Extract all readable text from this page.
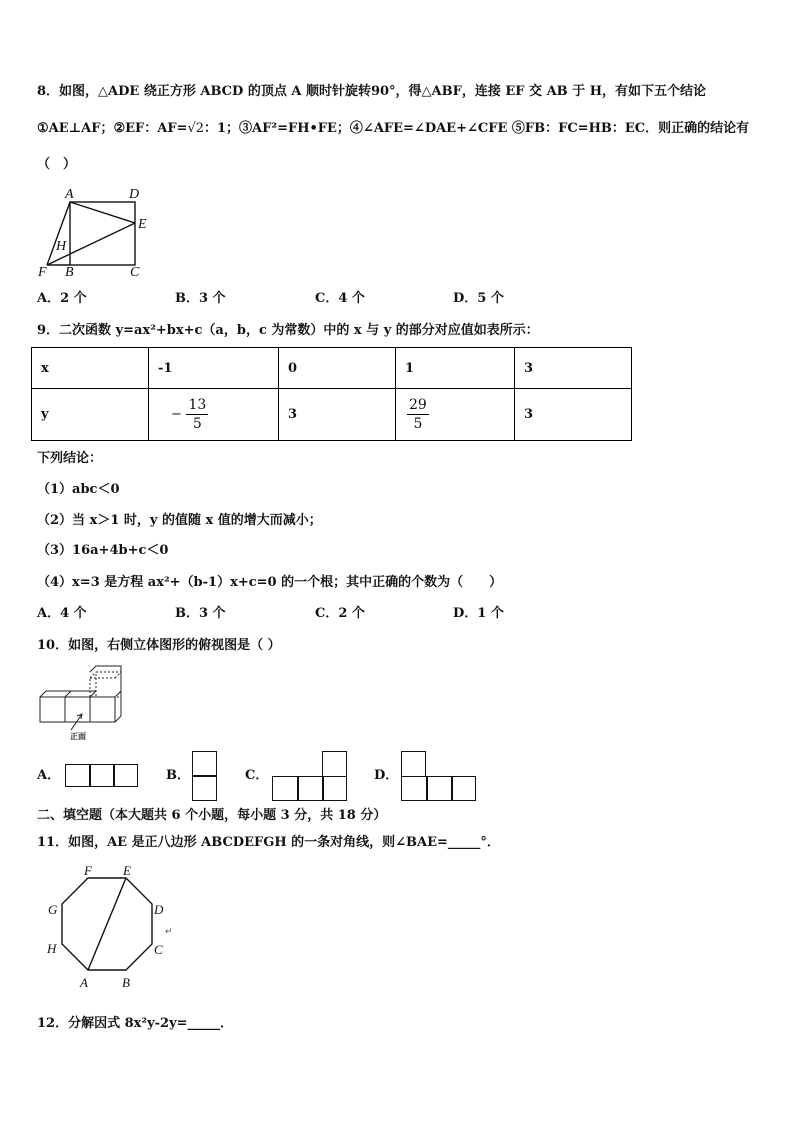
8．如图，△ADE 绕正方形 ABCD 的顶点 A 顺时针旋转90°，得△ABF，连接 EF 交 AB 于 H，有如下五个结论
①AE⊥AF；②EF：AF=√2：1；③AF²=FH•FE；④∠AFE=∠DAE+∠CFE ⑤FB：FC=HB：EC．则正确的结论有
（　）
A	D
E
H
F B	C
A．2 个	B．3 个	C．4 个	D．5 个
9．二次函数 y=ax²+bx+c（a，b，c 为常数）中的 x 与 y 的部分对应值如表所示：
x	-1	0	1	3
y	− $\frac{13}{5}$	3	$\frac{29}{5}$	3
下列结论：
（1）abc＜0
（2）当 x＞1 时，y 的值随 x 值的增大而减小；
（3）16a+4b+c＜0
（4）x=3 是方程 ax²+（b-1）x+c=0 的一个根；其中正确的个数为（　　）
A．4 个	B．3 个	C．2 个	D．1 个
10．如图，右侧立体图形的俯视图是（ ）
正面
A．	B．	C．	D．
二、填空题（本大题共 6 个小题，每小题 3 分，共 18 分）
11．如图，AE 是正八边形 ABCDEFGH 的一条对角线，则∠BAE=_____°．
F E
G	D
H	C
A	B
↵
12．分解因式 8x²y-2y=_____．
